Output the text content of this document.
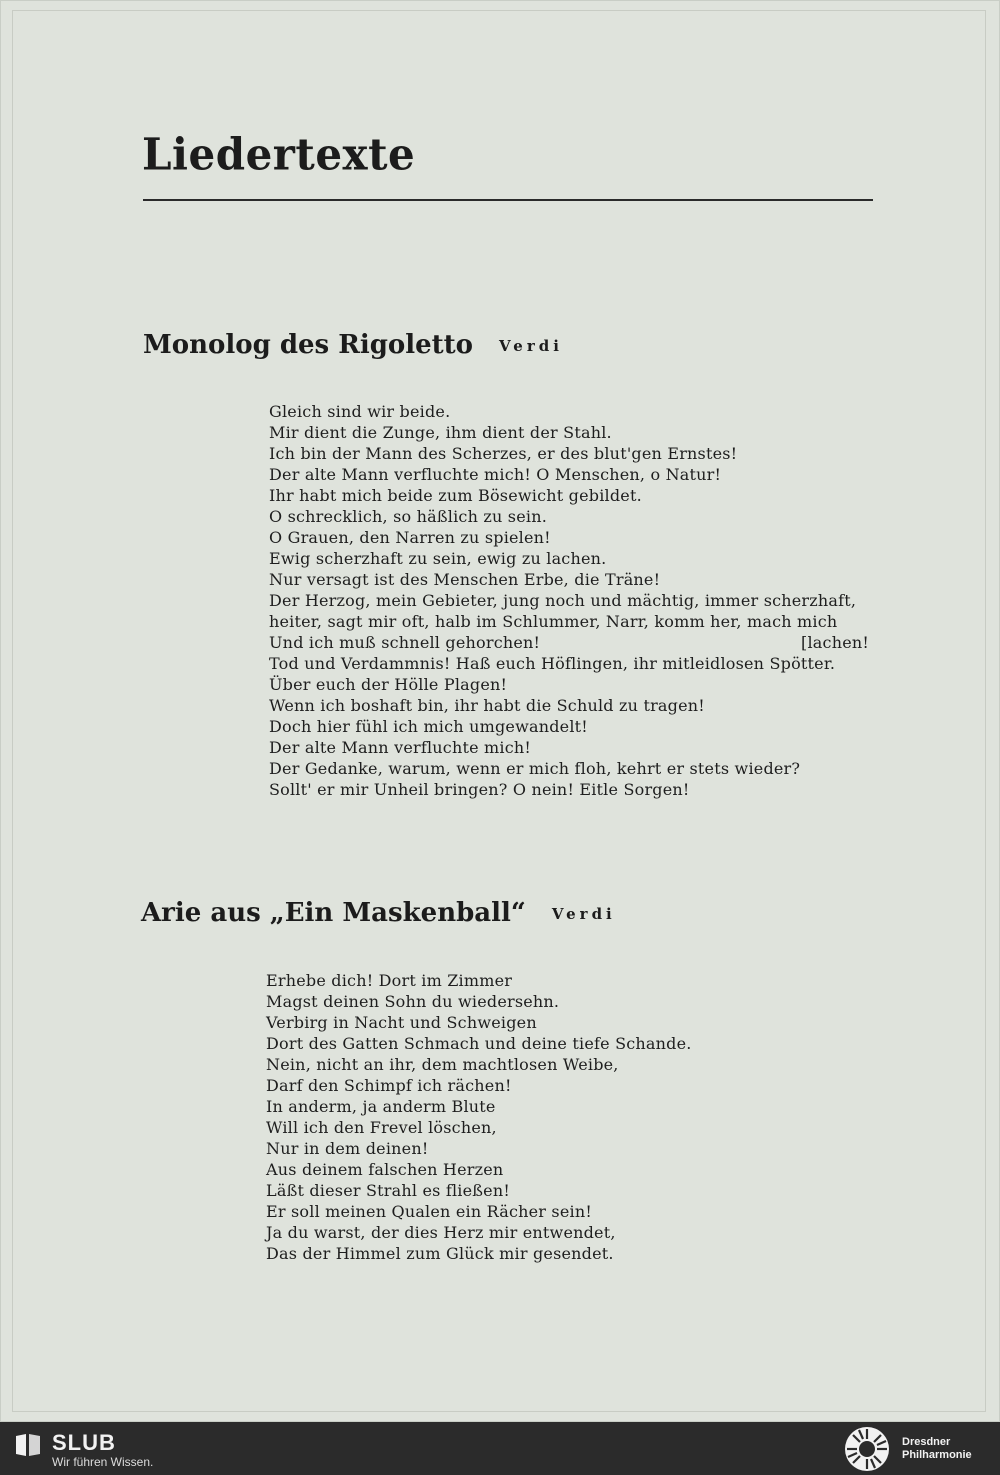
Liedertexte
Monolog des Rigoletto Verdi
Gleich sind wir beide.
Mir dient die Zunge, ihm dient der Stahl.
Ich bin der Mann des Scherzes, er des blut'gen Ernstes!
Der alte Mann verfluchte mich! O Menschen, o Natur!
Ihr habt mich beide zum Bösewicht gebildet.
O schrecklich, so häßlich zu sein.
O Grauen, den Narren zu spielen!
Ewig scherzhaft zu sein, ewig zu lachen.
Nur versagt ist des Menschen Erbe, die Träne!
Der Herzog, mein Gebieter, jung noch und mächtig, immer scherzhaft,
heiter, sagt mir oft, halb im Schlummer, Narr, komm her, mach mich
Und ich muß schnell gehorchen!	[lachen!
Tod und Verdammnis! Haß euch Höflingen, ihr mitleidlosen Spötter.
Über euch der Hölle Plagen!
Wenn ich boshaft bin, ihr habt die Schuld zu tragen!
Doch hier fühl ich mich umgewandelt!
Der alte Mann verfluchte mich!
Der Gedanke, warum, wenn er mich floh, kehrt er stets wieder?
Sollt' er mir Unheil bringen? O nein! Eitle Sorgen!
Arie aus „Ein Maskenball“ Verdi
Erhebe dich! Dort im Zimmer
Magst deinen Sohn du wiedersehn.
Verbirg in Nacht und Schweigen
Dort des Gatten Schmach und deine tiefe Schande.
Nein, nicht an ihr, dem machtlosen Weibe,
Darf den Schimpf ich rächen!
In anderm, ja anderm Blute
Will ich den Frevel löschen,
Nur in dem deinen!
Aus deinem falschen Herzen
Läßt dieser Strahl es fließen!
Er soll meinen Qualen ein Rächer sein!
Ja du warst, der dies Herz mir entwendet,
Das der Himmel zum Glück mir gesendet.
SLUB
Wir führen Wissen.
Dresdner
Philharmonie
